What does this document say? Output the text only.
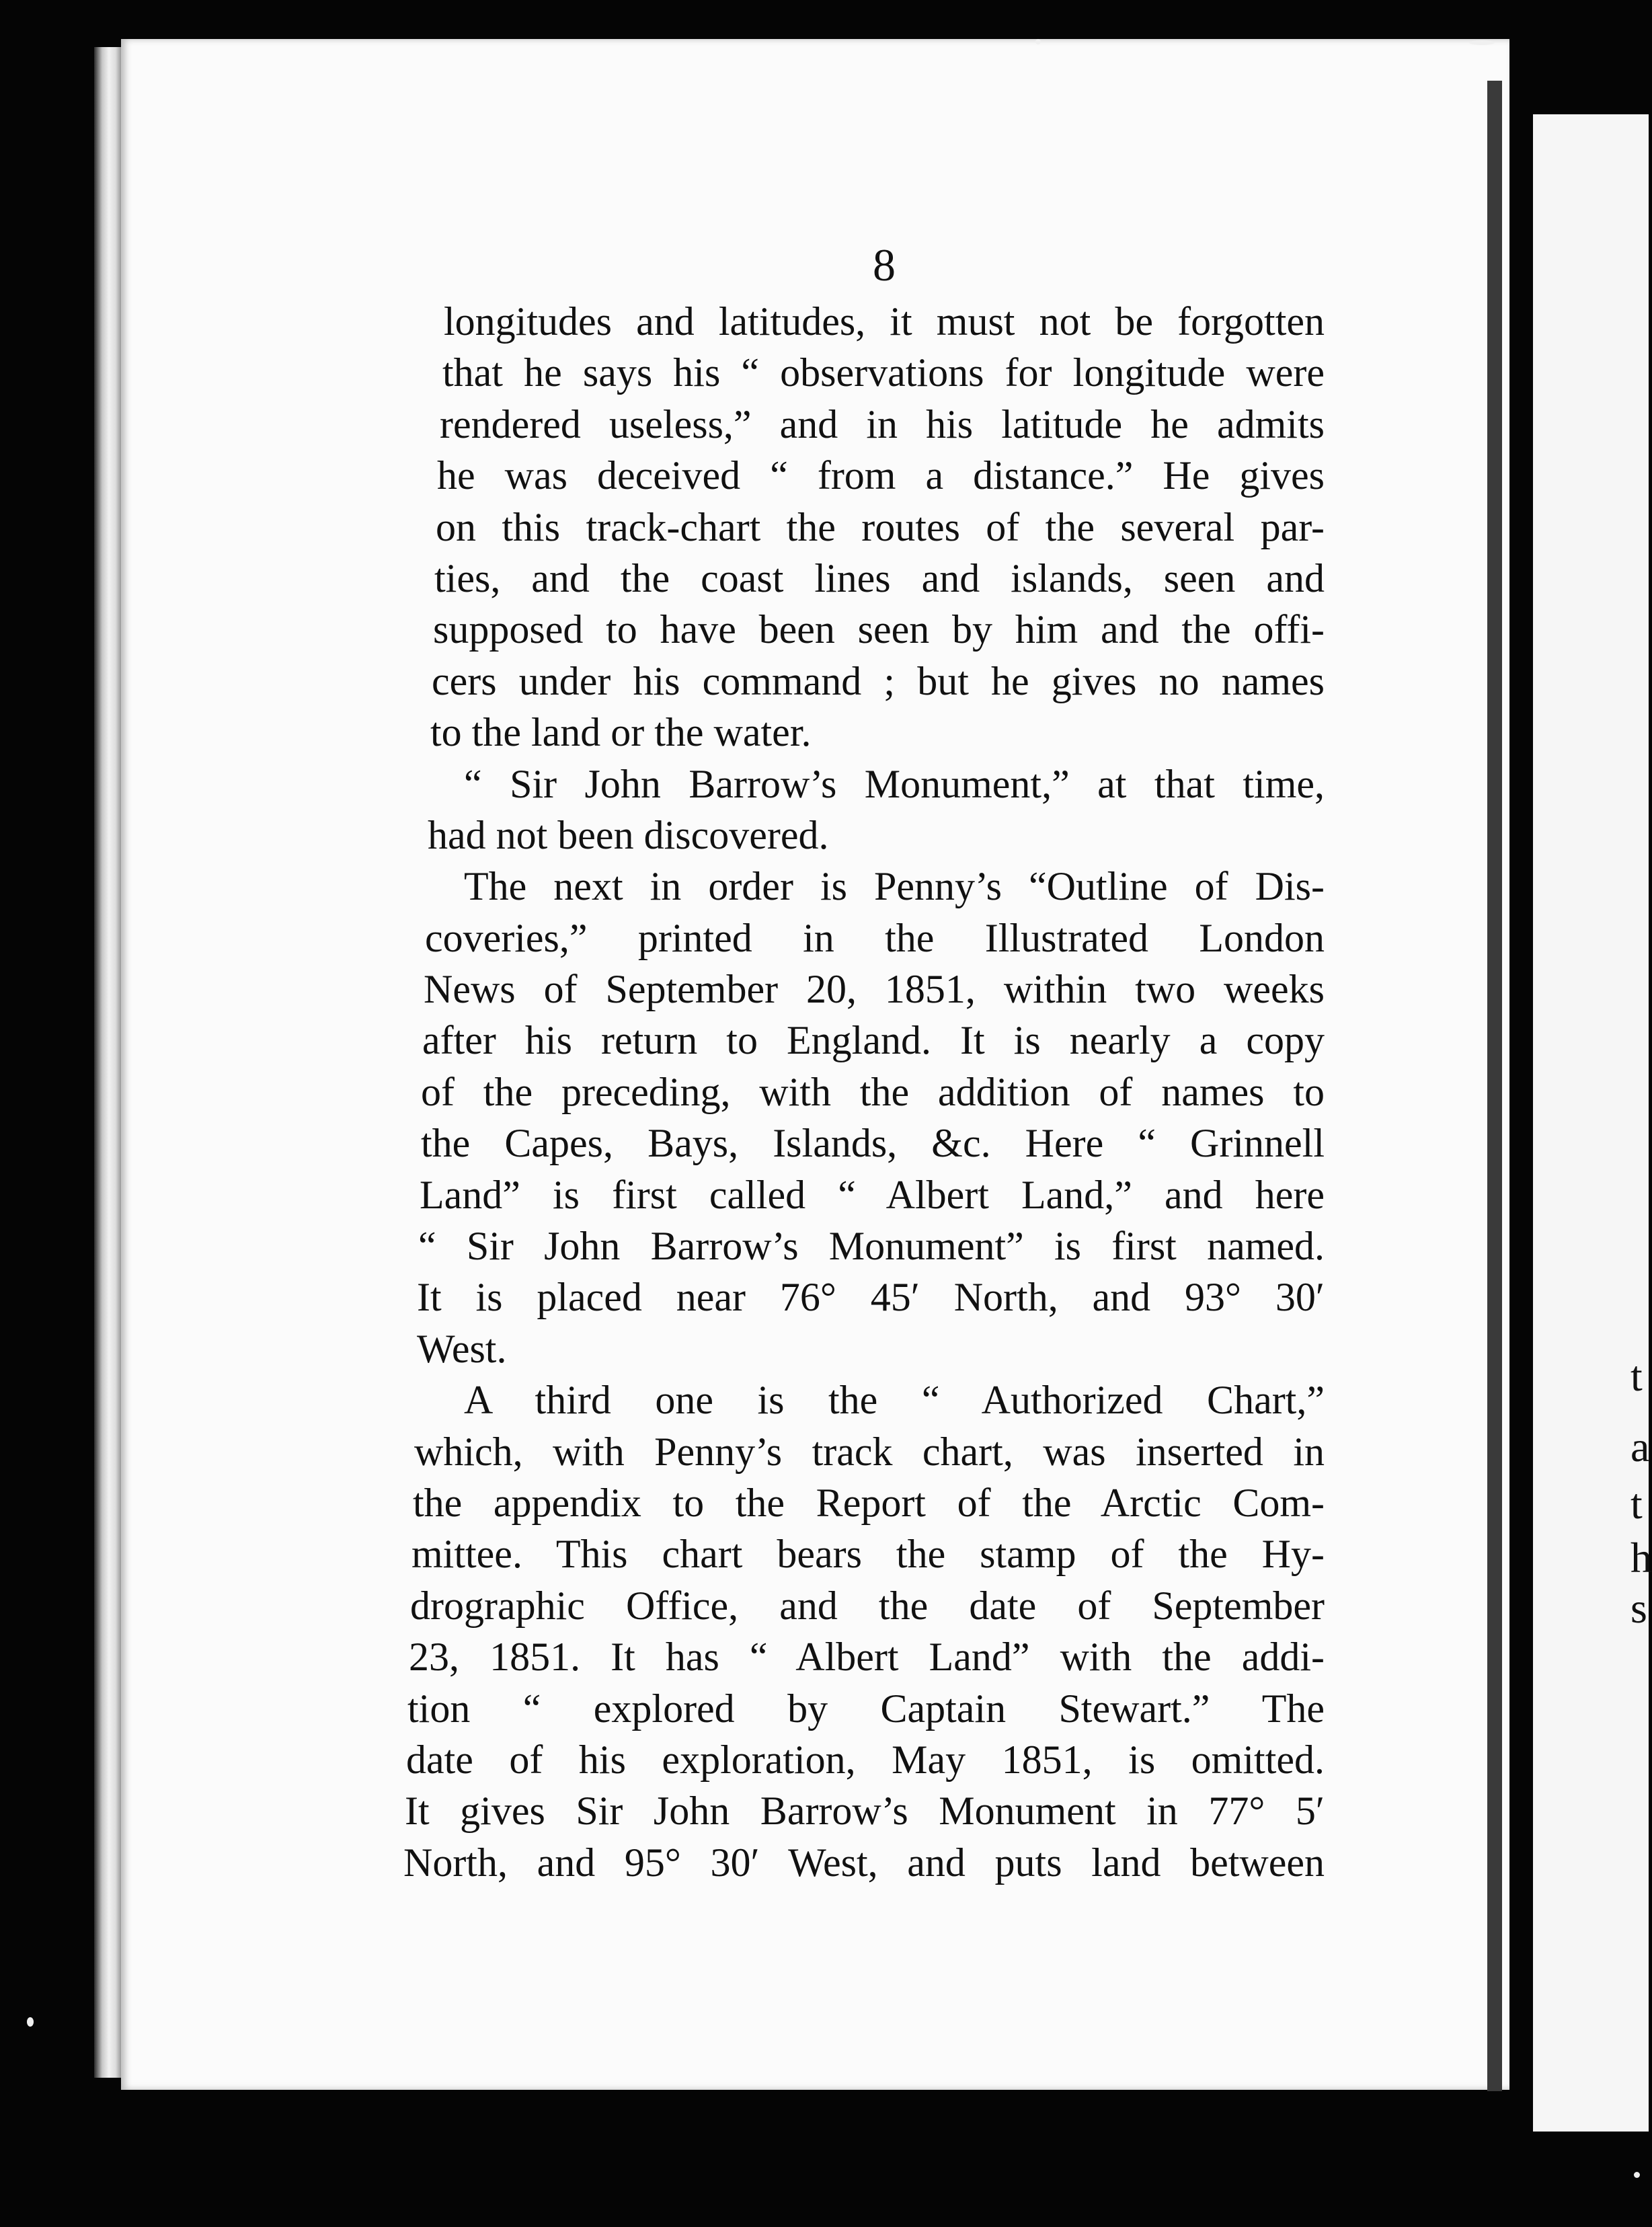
t
a
t
h
s
8
longitudes and latitudes, it must not be forgotten
that he says his “ observations for longitude were
rendered useless,” and in his latitude he admits
he was deceived “ from a distance.” He gives
on this track-chart the routes of the several par-
ties, and the coast lines and islands, seen and
supposed to have been seen by him and the offi-
cers under his command ; but he gives no names
to the land or the water.
“ Sir John Barrow’s Monument,” at that time,
had not been discovered.
The next in order is Penny’s “Outline of Dis-
coveries,” printed in the Illustrated London
News of September 20, 1851, within two weeks
after his return to England. It is nearly a copy
of the preceding, with the addition of names to
the Capes, Bays, Islands, &c. Here “ Grinnell
Land” is first called “ Albert Land,” and here
“ Sir John Barrow’s Monument” is first named.
It is placed near 76° 45′ North, and 93° 30′
West.
A third one is the “ Authorized Chart,”
which, with Penny’s track chart, was inserted in
the appendix to the Report of the Arctic Com-
mittee. This chart bears the stamp of the Hy-
drographic Office, and the date of September
23, 1851. It has “ Albert Land” with the addi-
tion “ explored by Captain Stewart.” The
date of his exploration, May 1851, is omitted.
It gives Sir John Barrow’s Monument in 77° 5′
North, and 95° 30′ West, and puts land between
